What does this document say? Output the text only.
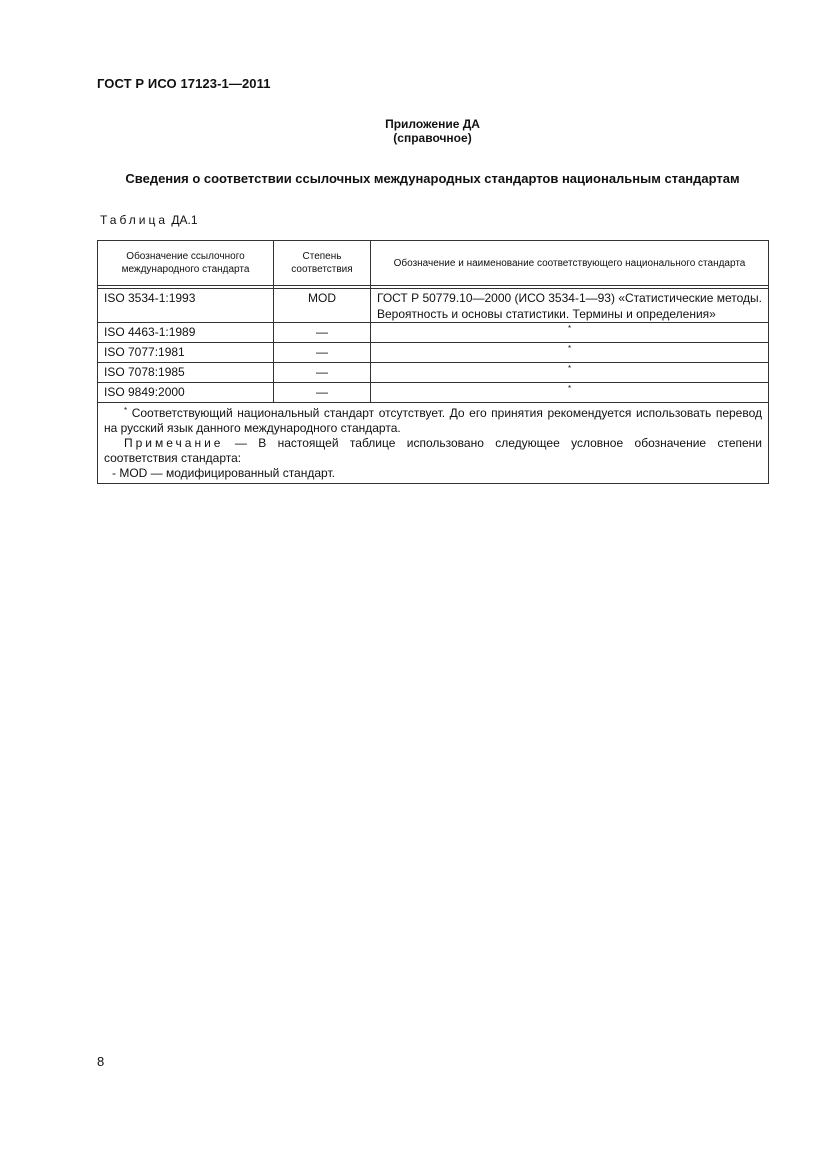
ГОСТ Р ИСО 17123-1—2011
Приложение ДА
(справочное)
Сведения о соответствии ссылочных международных стандартов национальным стандартам
Таблица ДА.1
Обозначение ссылочного международного стандарта	Степень соответствия	Обозначение и наименование соответствующего национального стандарта

ISO 3534-1:1993	MOD	ГОСТ Р 50779.10—2000 (ИСО 3534-1—93) «Статистические методы. Вероятность и основы статистики. Термины и определения»
ISO 4463-1:1989	—	*
ISO 7077:1981	—	*
ISO 7078:1985	—	*
ISO 9849:2000	—	*

* Соответствующий национальный стандарт отсутствует. До его принятия рекомендуется использовать перевод на русский язык данного международного стандарта.

Примечание — В настоящей таблице использовано следующее условное обозначение степени соответствия стандарта:

- MOD — модифицированный стандарт.		

8
